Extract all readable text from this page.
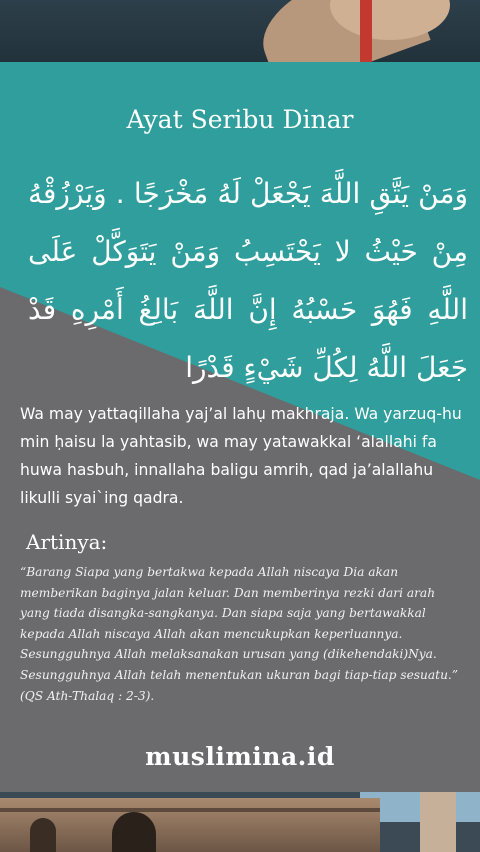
Ayat Seribu Dinar
وَمَنْ يَتَّقِ اللَّهَ يَجْعَلْ لَهُ مَخْرَجًا . وَيَرْزُقْهُ مِنْ حَيْثُ لا يَحْتَسِبُ وَمَنْ يَتَوَكَّلْ عَلَى اللَّهِ فَهُوَ حَسْبُهُ إِنَّ اللَّهَ بَالِغُ أَمْرِهِ قَدْ جَعَلَ اللَّهُ لِكُلِّ شَيْءٍ قَدْرًا
Wa may yattaqillaha yaj’al lahụ makhraja. Wa yarzuq-hu min ḥaisu la yahtasib, wa may yatawakkal ‘alallahi fa huwa hasbuh, innallaha baligu amrih, qad ja’alallahu likulli syai`ing qadra.
Artinya:
“Barang Siapa yang bertakwa kepada Allah niscaya Dia akan memberikan baginya jalan keluar. Dan memberinya rezki dari arah yang tiada disangka-sangkanya. Dan siapa saja yang bertawakkal kepada Allah niscaya Allah akan mencukupkan keperluannya. Sesungguhnya Allah melaksanakan urusan yang (dikehendaki)Nya. Sesungguhnya Allah telah menentukan ukuran bagi tiap-tiap sesuatu.” (QS Ath-Thalaq : 2-3).
muslimina.id
